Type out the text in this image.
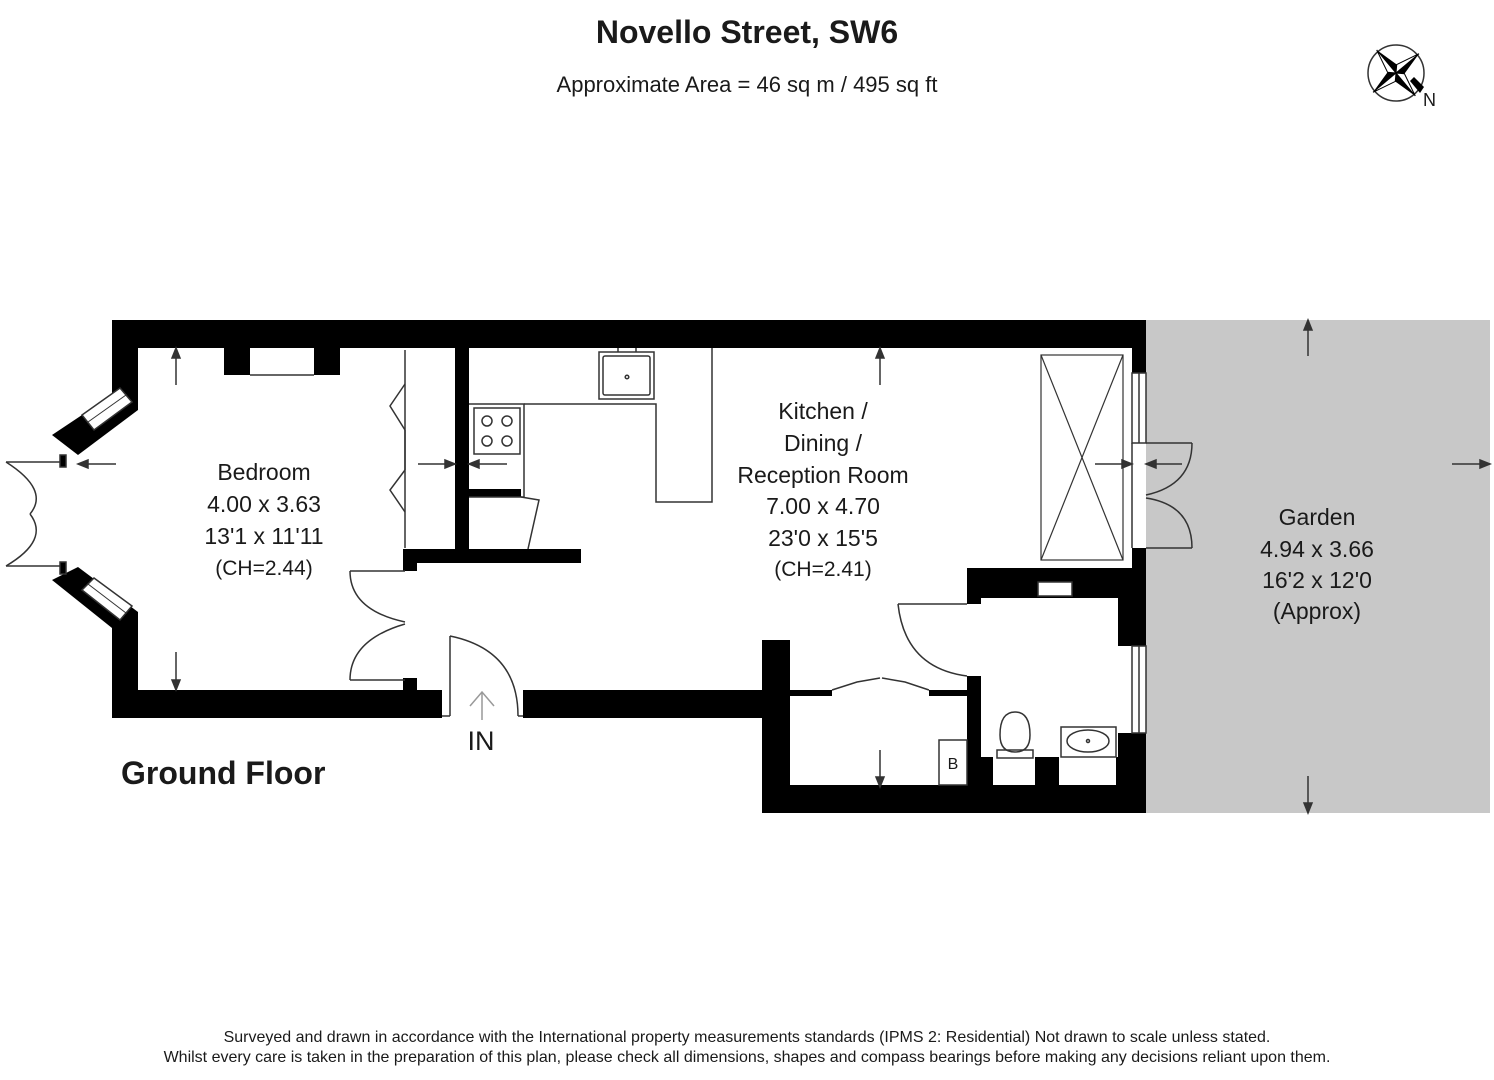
Novello Street, SW6
Approximate Area = 46 sq m / 495 sq ft
B
Bedroom
4.00 x 3.63
13'1 x 11'11
(CH=2.44)
Kitchen /
Dining /
Reception Room
7.00 x 4.70
23'0 x 15'5
(CH=2.41)
Garden
4.94 x 3.66
16'2 x 12'0
(Approx)
IN
Ground Floor
N
Surveyed and drawn in accordance with the International property measurements standards (IPMS 2: Residential) Not drawn to scale unless stated.
Whilst every care is taken in the preparation of this plan, please check all dimensions, shapes and compass bearings before making any decisions reliant upon them.
